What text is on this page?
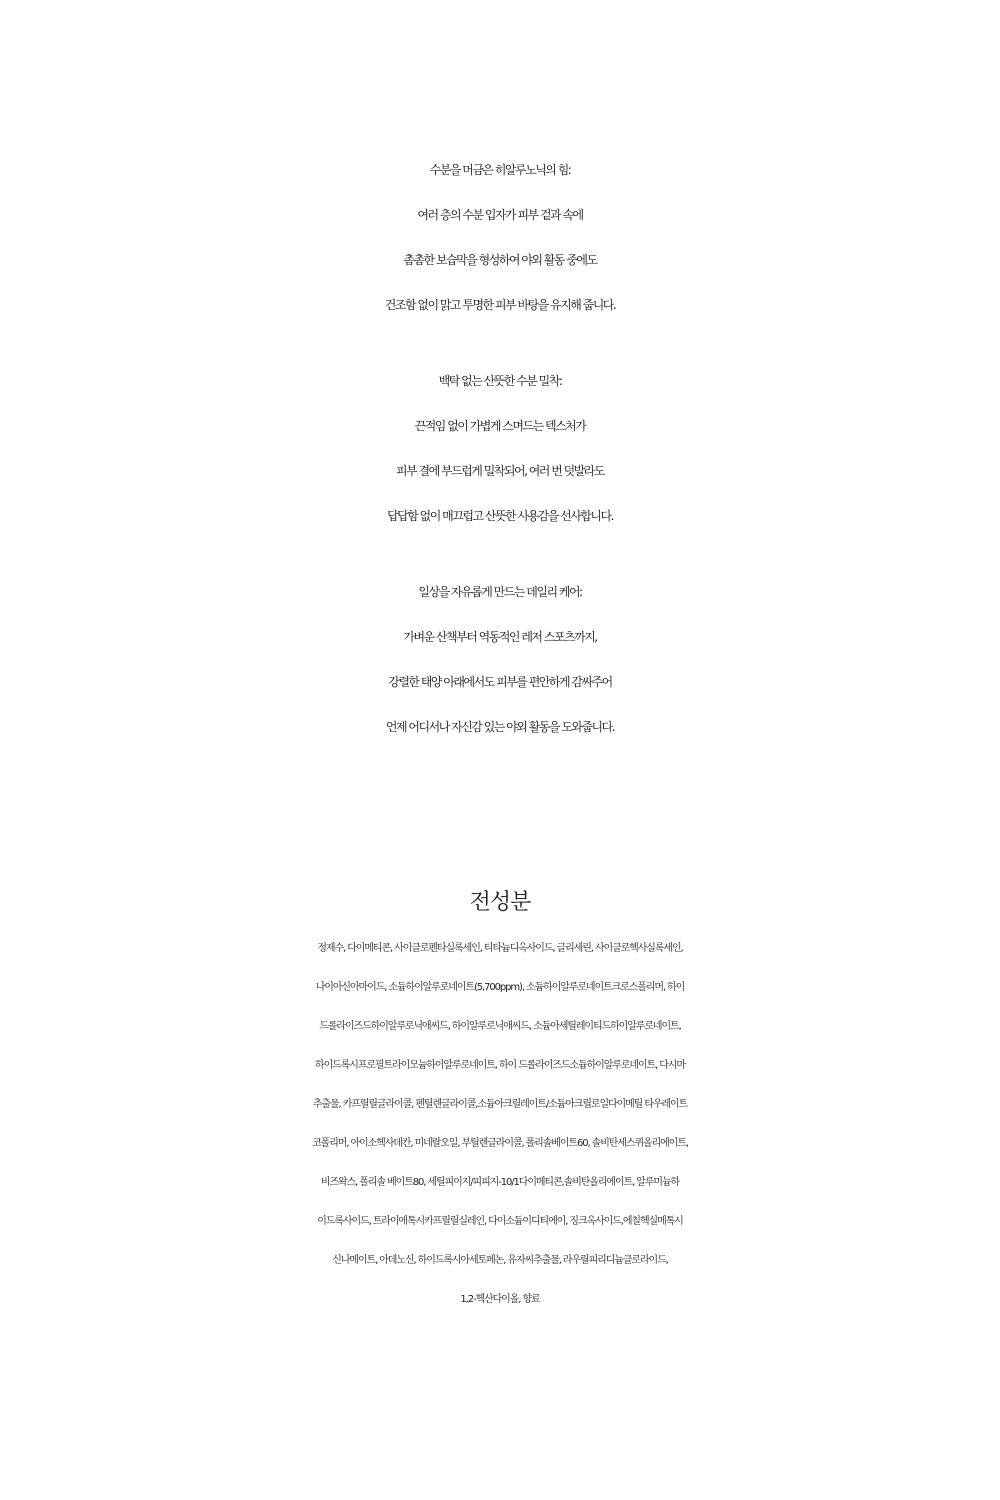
수분을 머금은 히알루노닉의 힘:
여러 층의 수분 입자가 피부 겉과 속에
촘촘한 보습막을 형성하여 야외 활동 중에도
건조함 없이 맑고 투명한 피부 바탕을 유지해 줍니다.
백탁 없는 산뜻한 수분 밀착:
끈적임 없이 가볍게 스며드는 텍스처가
피부 결에 부드럽게 밀착되어, 여러 번 덧발라도
답답함 없이 매끄럽고 산뜻한 사용감을 선사합니다.
일상을 자유롭게 만드는 데일리 케어:
가벼운 산책부터 역동적인 레저 스포츠까지,
강렬한 태양 아래에서도 피부를 편안하게 감싸주어
언제 어디서나 자신감 있는 야외 활동을 도와줍니다.
전성분
정제수, 다이메티콘, 사이클로펜타실록세인, 티타늄디옥사이드, 글리세린, 사이클로헥사실록세인,
나이아신아마이드, 소듐하이알루로네이트(5,700ppm), 소듐하이알루로네이트크로스폴리머, 하이
드롤라이즈드하이알루로닉애씨드, 하이알루로닉애씨드, 소듐아세틸레이티드하이알루로네이트,
하이드록시프로필트라이모늄하이알루로네이트, 하이 드롤라이즈드소듐하이알루로네이트, 다시마
추출물, 카프릴릴글라이콜, 펜틸렌글라이콜,소듐아크릴레이트/소듐아크릴로일다이메틸 타우레이트
코폴리머, 아이소헥사데칸, 미네랄오일, 부틸렌글라이콜, 폴리솔베이트60, 솔비탄세스퀴올리에이트,
비즈왁스, 폴리솔 베이트80, 세틸피이지/피피지-10/1다이메티콘,솔비탄올리에이트, 알루미늄하
이드록사이드, 트라이에톡시카프릴릴실레인, 다이소듐이디티에이, 징크옥사이드,에칠헥실메톡시
신나메이트, 아데노신, 하이드록시아세토페논, 유자씨추출물, 라우릴피리디늄클로라이드,
1,2-헥산다이올, 향료
